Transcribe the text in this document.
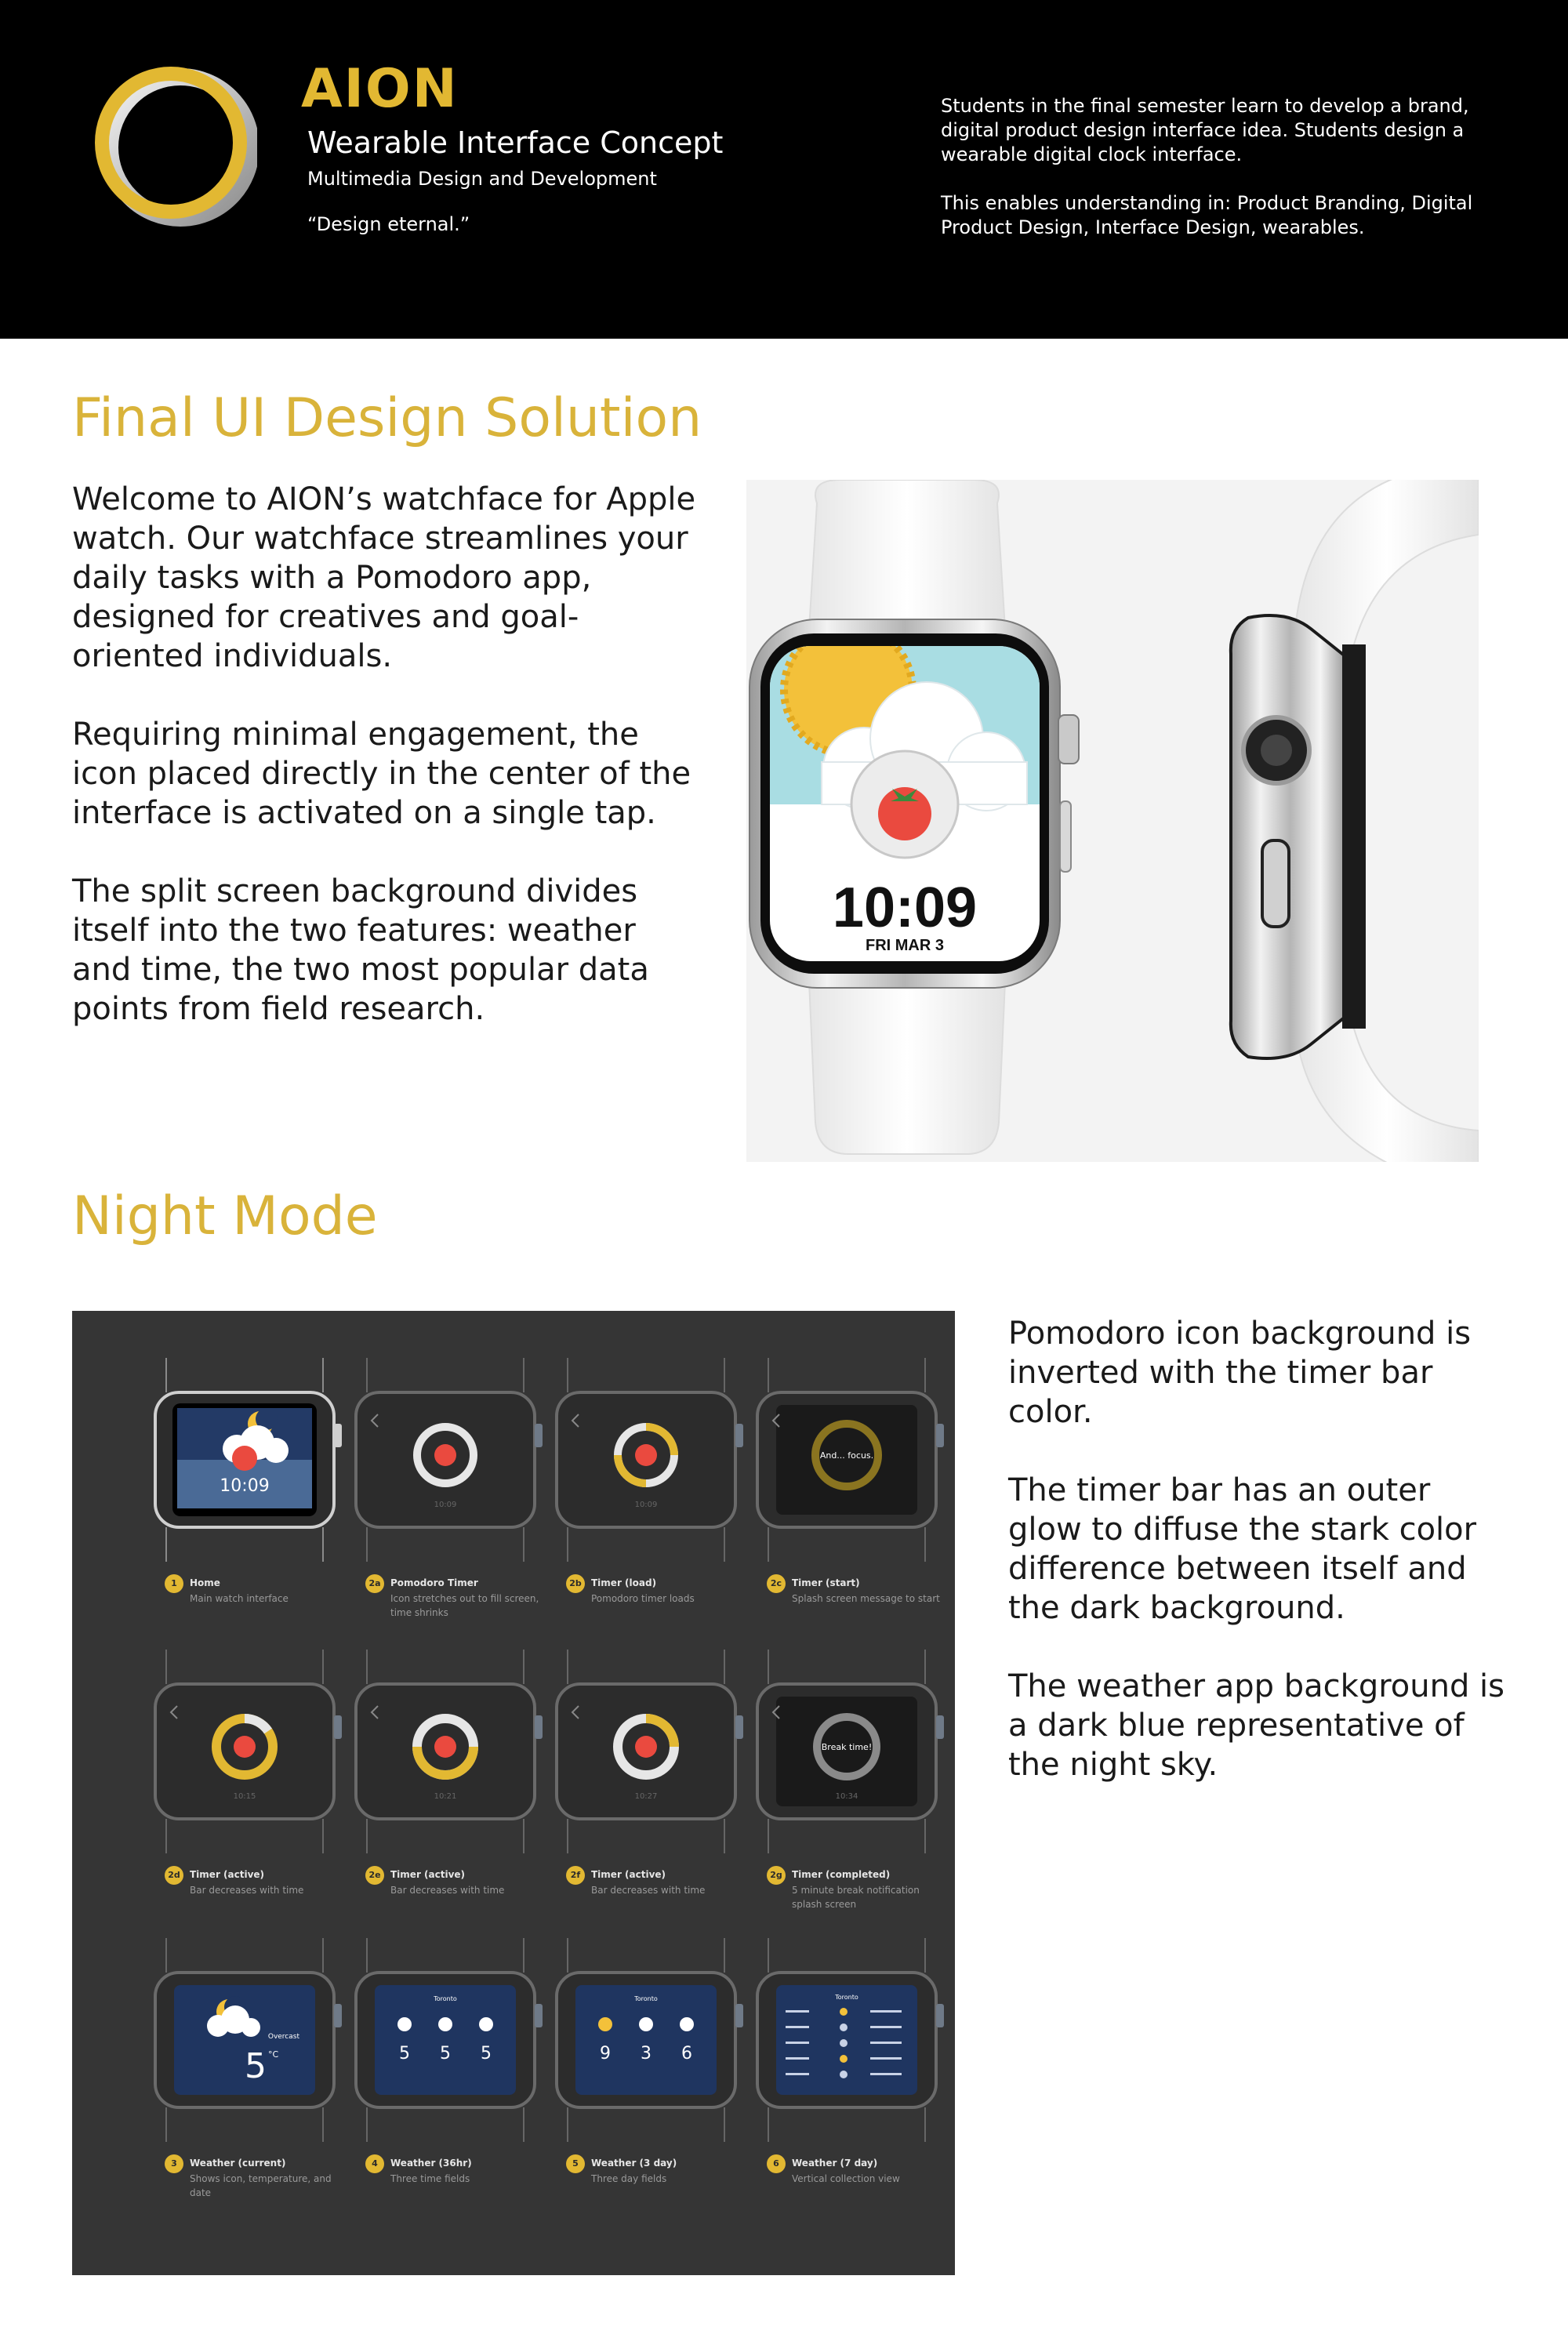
AION
Wearable Interface Concept
Multimedia Design and Development
“Design eternal.”

Students in the final semester learn to develop a brand, digital product design interface idea. Students design a wearable digital clock interface.

This enables understanding in: Product Branding, Digital Product Design, Interface Design, wearables.

Final UI Design Solution

Welcome to AION’s watchface for Apple watch. Our watchface streamlines your daily tasks with a Pomodoro app, designed for creatives and goal-oriented individuals.

Requiring minimal engagement, the icon placed directly in the center of the interface is activated on a single tap.

The split screen background divides itself into the two features: weather and time, the two most popular data points from field research.

10:09
FRI MAR 3
Night Mode

Pomodoro icon background is inverted with the timer bar color.

The timer bar has an outer glow to diffuse the stark color difference between itself and the dark background.

The weather app background is a dark blue representative of the night sky.

10:09
1	Home
Main watch interface
10:09
2a	Pomodoro Timer
Icon stretches out to fill screen, time shrinks
10:09
2b	Timer (load)
Pomodoro timer loads
And... focus.
2c	Timer (start)
Splash screen message to start
10:15
2d	Timer (active)
Bar decreases with time
10:21
2e	Timer (active)
Bar decreases with time
10:27
2f	Timer (active)
Bar decreases with time
Break time!
10:34
2g	Timer (completed)
5 minute break notification splash screen
Overcast
5 °C
3	Weather (current)
Shows icon, temperature, and date
Toronto
5 5 5
4	Weather (36hr)
Three time fields
Toronto
9 3 6
5	Weather (3 day)
Three day fields
Toronto
6	Weather (7 day)
Vertical collection view
